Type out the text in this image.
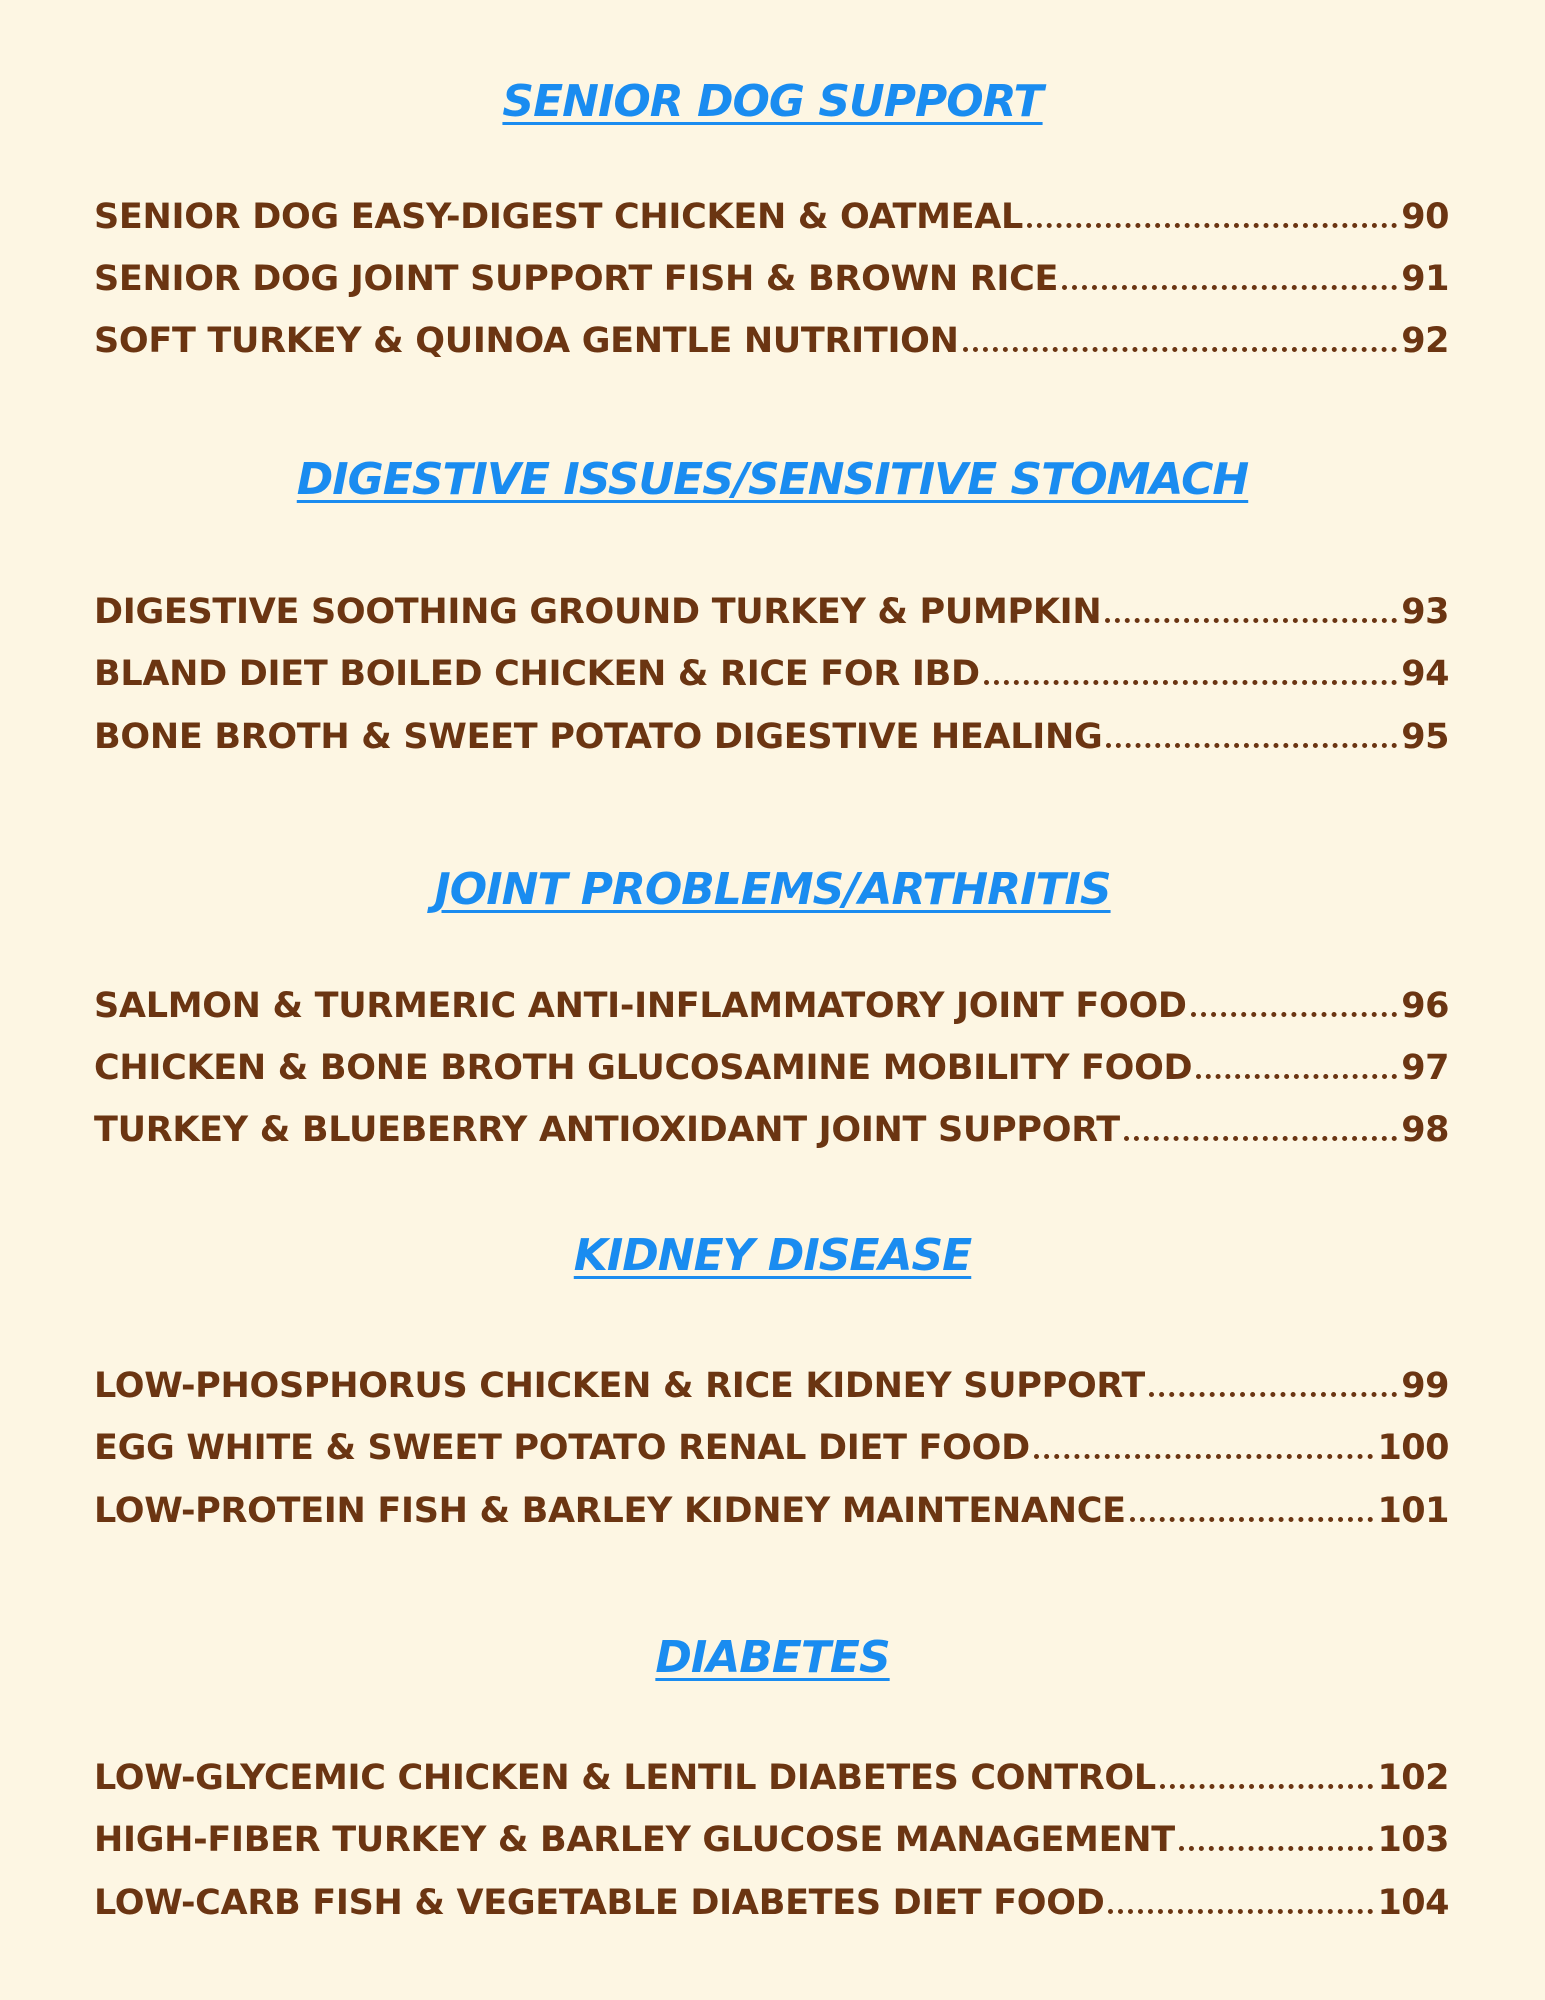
SENIOR DOG SUPPORT
SENIOR DOG EASY-DIGEST CHICKEN & OATMEAL	90
SENIOR DOG JOINT SUPPORT FISH & BROWN RICE	91
SOFT TURKEY & QUINOA GENTLE NUTRITION	92
DIGESTIVE ISSUES/SENSITIVE STOMACH
DIGESTIVE SOOTHING GROUND TURKEY & PUMPKIN	93
BLAND DIET BOILED CHICKEN & RICE FOR IBD	94
BONE BROTH & SWEET POTATO DIGESTIVE HEALING	95
JOINT PROBLEMS/ARTHRITIS
SALMON & TURMERIC ANTI-INFLAMMATORY JOINT FOOD	96
CHICKEN & BONE BROTH GLUCOSAMINE MOBILITY FOOD	97
TURKEY & BLUEBERRY ANTIOXIDANT JOINT SUPPORT	98
KIDNEY DISEASE
LOW-PHOSPHORUS CHICKEN & RICE KIDNEY SUPPORT	99
EGG WHITE & SWEET POTATO RENAL DIET FOOD	100
LOW-PROTEIN FISH & BARLEY KIDNEY MAINTENANCE	101
DIABETES
LOW-GLYCEMIC CHICKEN & LENTIL DIABETES CONTROL	102
HIGH-FIBER TURKEY & BARLEY GLUCOSE MANAGEMENT	103
LOW-CARB FISH & VEGETABLE DIABETES DIET FOOD	104
